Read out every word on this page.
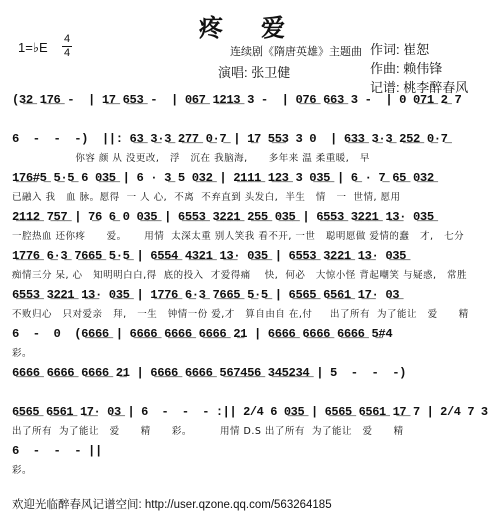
疼 爱
1=♭E
4
4	连续剧《隋唐英雄》主题曲
演唱: 张卫健
作词: 崔恕
作曲: 赖伟锋
记谱: 桃李醉春风
(3̲2̲ 1̲7̲6̲ -  | 1̲7̲ 6̲5̲3̲ -  | 0̲6̲7̲ 1̲2̲1̲3̲ 3 -  | 0̲7̲6̲ 6̲6̲3̲ 3 -  | 0 0̲7̲1̲ 2̲ 7
6  -  -  -)  ||: 6̲3̲ 3̲·3̲ 2̲7̲7̲ 0̲·7̲ | 1̲7 5̲5̲3 3 0  | 6̲3̲3̲ 3̲·3̲ 2̲5̲2̲ 0̲·7̲
你容 颜 从 没更改,   浮   沉在 我脑海,      多年来 温 柔重暖,   早
1̲7̲6̲#5̲ 5̲·5̲ 6 0̲3̲5̲ | 6 · 3̲ 5 0̲3̲2̲ | 2̲1̲1̲1̲ 1̲2̲3̲ 3 0̲3̲5̲ | 6̲ · 7̲ 6̲5̲ 0̲3̲2̲
已融入 我   血 脉。愿得  一 人 心,  不离  不弃直到 头发白,  半生   情   一  世情, 愿用
2̲1̲1̲2̲ 7̲5̲7̲ | 7̲6 6̲ 0 0̲3̲5̲ | 6̲5̲5̲3̲ 3̲2̲2̲1̲ 2̲5̲5̲ 0̲3̲5̲ | 6̲5̲5̲3̲ 3̲2̲2̲1̲ 1̲3̲· 0̲3̲5̲
一腔热血 还你疼      爱。     用情  太深太重 别人笑我 看不开, 一世   聪明愿做 爱情的蠢   才,   七分
1̲7̲7̲6̲ 6̲·3̲ 7̲6̲6̲5̲ 5̲·5̲ | 6̲5̲5̲4̲ 4̲3̲2̲1̲ 1̲3̲· 0̲3̲5̲ | 6̲5̲5̲3̲ 3̲2̲2̲1̲ 1̲3̲· 0̲3̲5̲
痴情三分 呆, 心   知明明白白,得  底的投入  才爱得痛    快,  何必   大惊小怪 背起嘲笑 与疑惑,   常胜
6̲5̲5̲3̲ 3̲2̲2̲1̲ 1̲3̲· 0̲3̲5̲ | 1̲7̲7̲6̲ 6̲·3̲ 7̲6̲6̲5̲ 5̲·5̲ | 6̲5̲6̲5̲ 6̲5̲6̲1̲ 1̲7̲· 0̲3̲
不败归心   只对爱亲   拜,   一生   钟情一份 爱,才   算自由自 在,付     出了所有  为了能让   爱      精
6  -  0  (6̲6̲6̲6̲ | 6̲6̲6̲6̲ 6̲6̲6̲6̲ 6̲6̲6̲6̲ 2̲1 | 6̲6̲6̲6̲ 6̲6̲6̲6̲ 6̲6̲6̲6̲ 5̲#4
彩。
6̲6̲6̲6̲ 6̲6̲6̲6̲ 6̲6̲6̲6̲ 2̲1 | 6̲6̲6̲6̲ 6̲6̲6̲6̲ 5̲6̲7̲4̲5̲6̲ 3̲4̲5̲2̲3̲4̲ | 5  -  -  -)
6̲5̲6̲5̲ 6̲5̲6̲1̲ 1̲7̲· 0̲3̲ | 6  -  -  - :|| 2/4 6 0̲3̲5̲ | 6̲5̲6̲5̲ 6̲5̲6̲1̲ 1̲7̲ 7 | 2/4 7 3
出了所有  为了能让   爱      精      彩。        用情 D.S 出了所有  为了能让   爱      精
6  -  -  - ||
彩。
欢迎光临醉春风记谱空间: http://user.qzone.qq.com/563264185
